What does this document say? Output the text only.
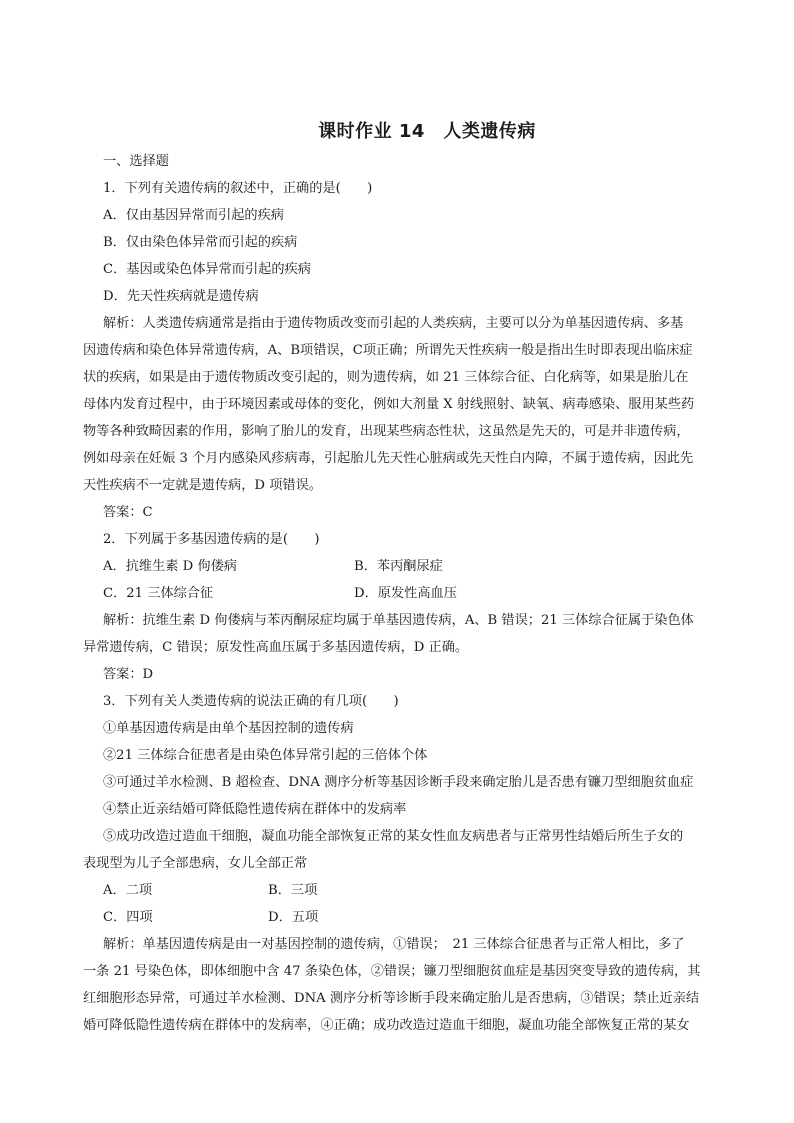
课时作业 14　人类遗传病
一、选择题
1．下列有关遗传病的叙述中，正确的是(　　)
A．仅由基因异常而引起的疾病
B．仅由染色体异常而引起的疾病
C．基因或染色体异常而引起的疾病
D．先天性疾病就是遗传病
解析：人类遗传病通常是指由于遗传物质改变而引起的人类疾病，主要可以分为单基因遗传病、多基
因遗传病和染色体异常遗传病，A、B项错误，C项正确；所谓先天性疾病一般是指出生时即表现出临床症
状的疾病，如果是由于遗传物质改变引起的，则为遗传病，如 21 三体综合征、白化病等，如果是胎儿在
母体内发育过程中，由于环境因素或母体的变化，例如大剂量 X 射线照射、缺氧、病毒感染、服用某些药
物等各种致畸因素的作用，影响了胎儿的发育，出现某些病态性状，这虽然是先天的，可是并非遗传病，
例如母亲在妊娠 3 个月内感染风疹病毒，引起胎儿先天性心脏病或先天性白内障，不属于遗传病，因此先
天性疾病不一定就是遗传病，D 项错误。
答案：C
2．下列属于多基因遗传病的是(　　)
A．抗维生素 D 佝偻病	B．苯丙酮尿症
C．21 三体综合征	D．原发性高血压
解析：抗维生素 D 佝偻病与苯丙酮尿症均属于单基因遗传病，A、B 错误；21 三体综合征属于染色体
异常遗传病，C 错误；原发性高血压属于多基因遗传病，D 正确。
答案：D
3．下列有关人类遗传病的说法正确的有几项(　　)
①单基因遗传病是由单个基因控制的遗传病
②21 三体综合征患者是由染色体异常引起的三倍体个体
③可通过羊水检测、B 超检查、DNA 测序分析等基因诊断手段来确定胎儿是否患有镰刀型细胞贫血症
④禁止近亲结婚可降低隐性遗传病在群体中的发病率
⑤成功改造过造血干细胞，凝血功能全部恢复正常的某女性血友病患者与正常男性结婚后所生子女的
表现型为儿子全部患病，女儿全部正常
A．二项	B．三项
C．四项	D．五项
解析：单基因遗传病是由一对基因控制的遗传病，①错误；　21 三体综合征患者与正常人相比，多了
一条 21 号染色体，即体细胞中含 47 条染色体，②错误；镰刀型细胞贫血症是基因突变导致的遗传病，其
红细胞形态异常，可通过羊水检测、DNA 测序分析等诊断手段来确定胎儿是否患病，③错误；禁止近亲结
婚可降低隐性遗传病在群体中的发病率，④正确；成功改造过造血干细胞，凝血功能全部恢复正常的某女
